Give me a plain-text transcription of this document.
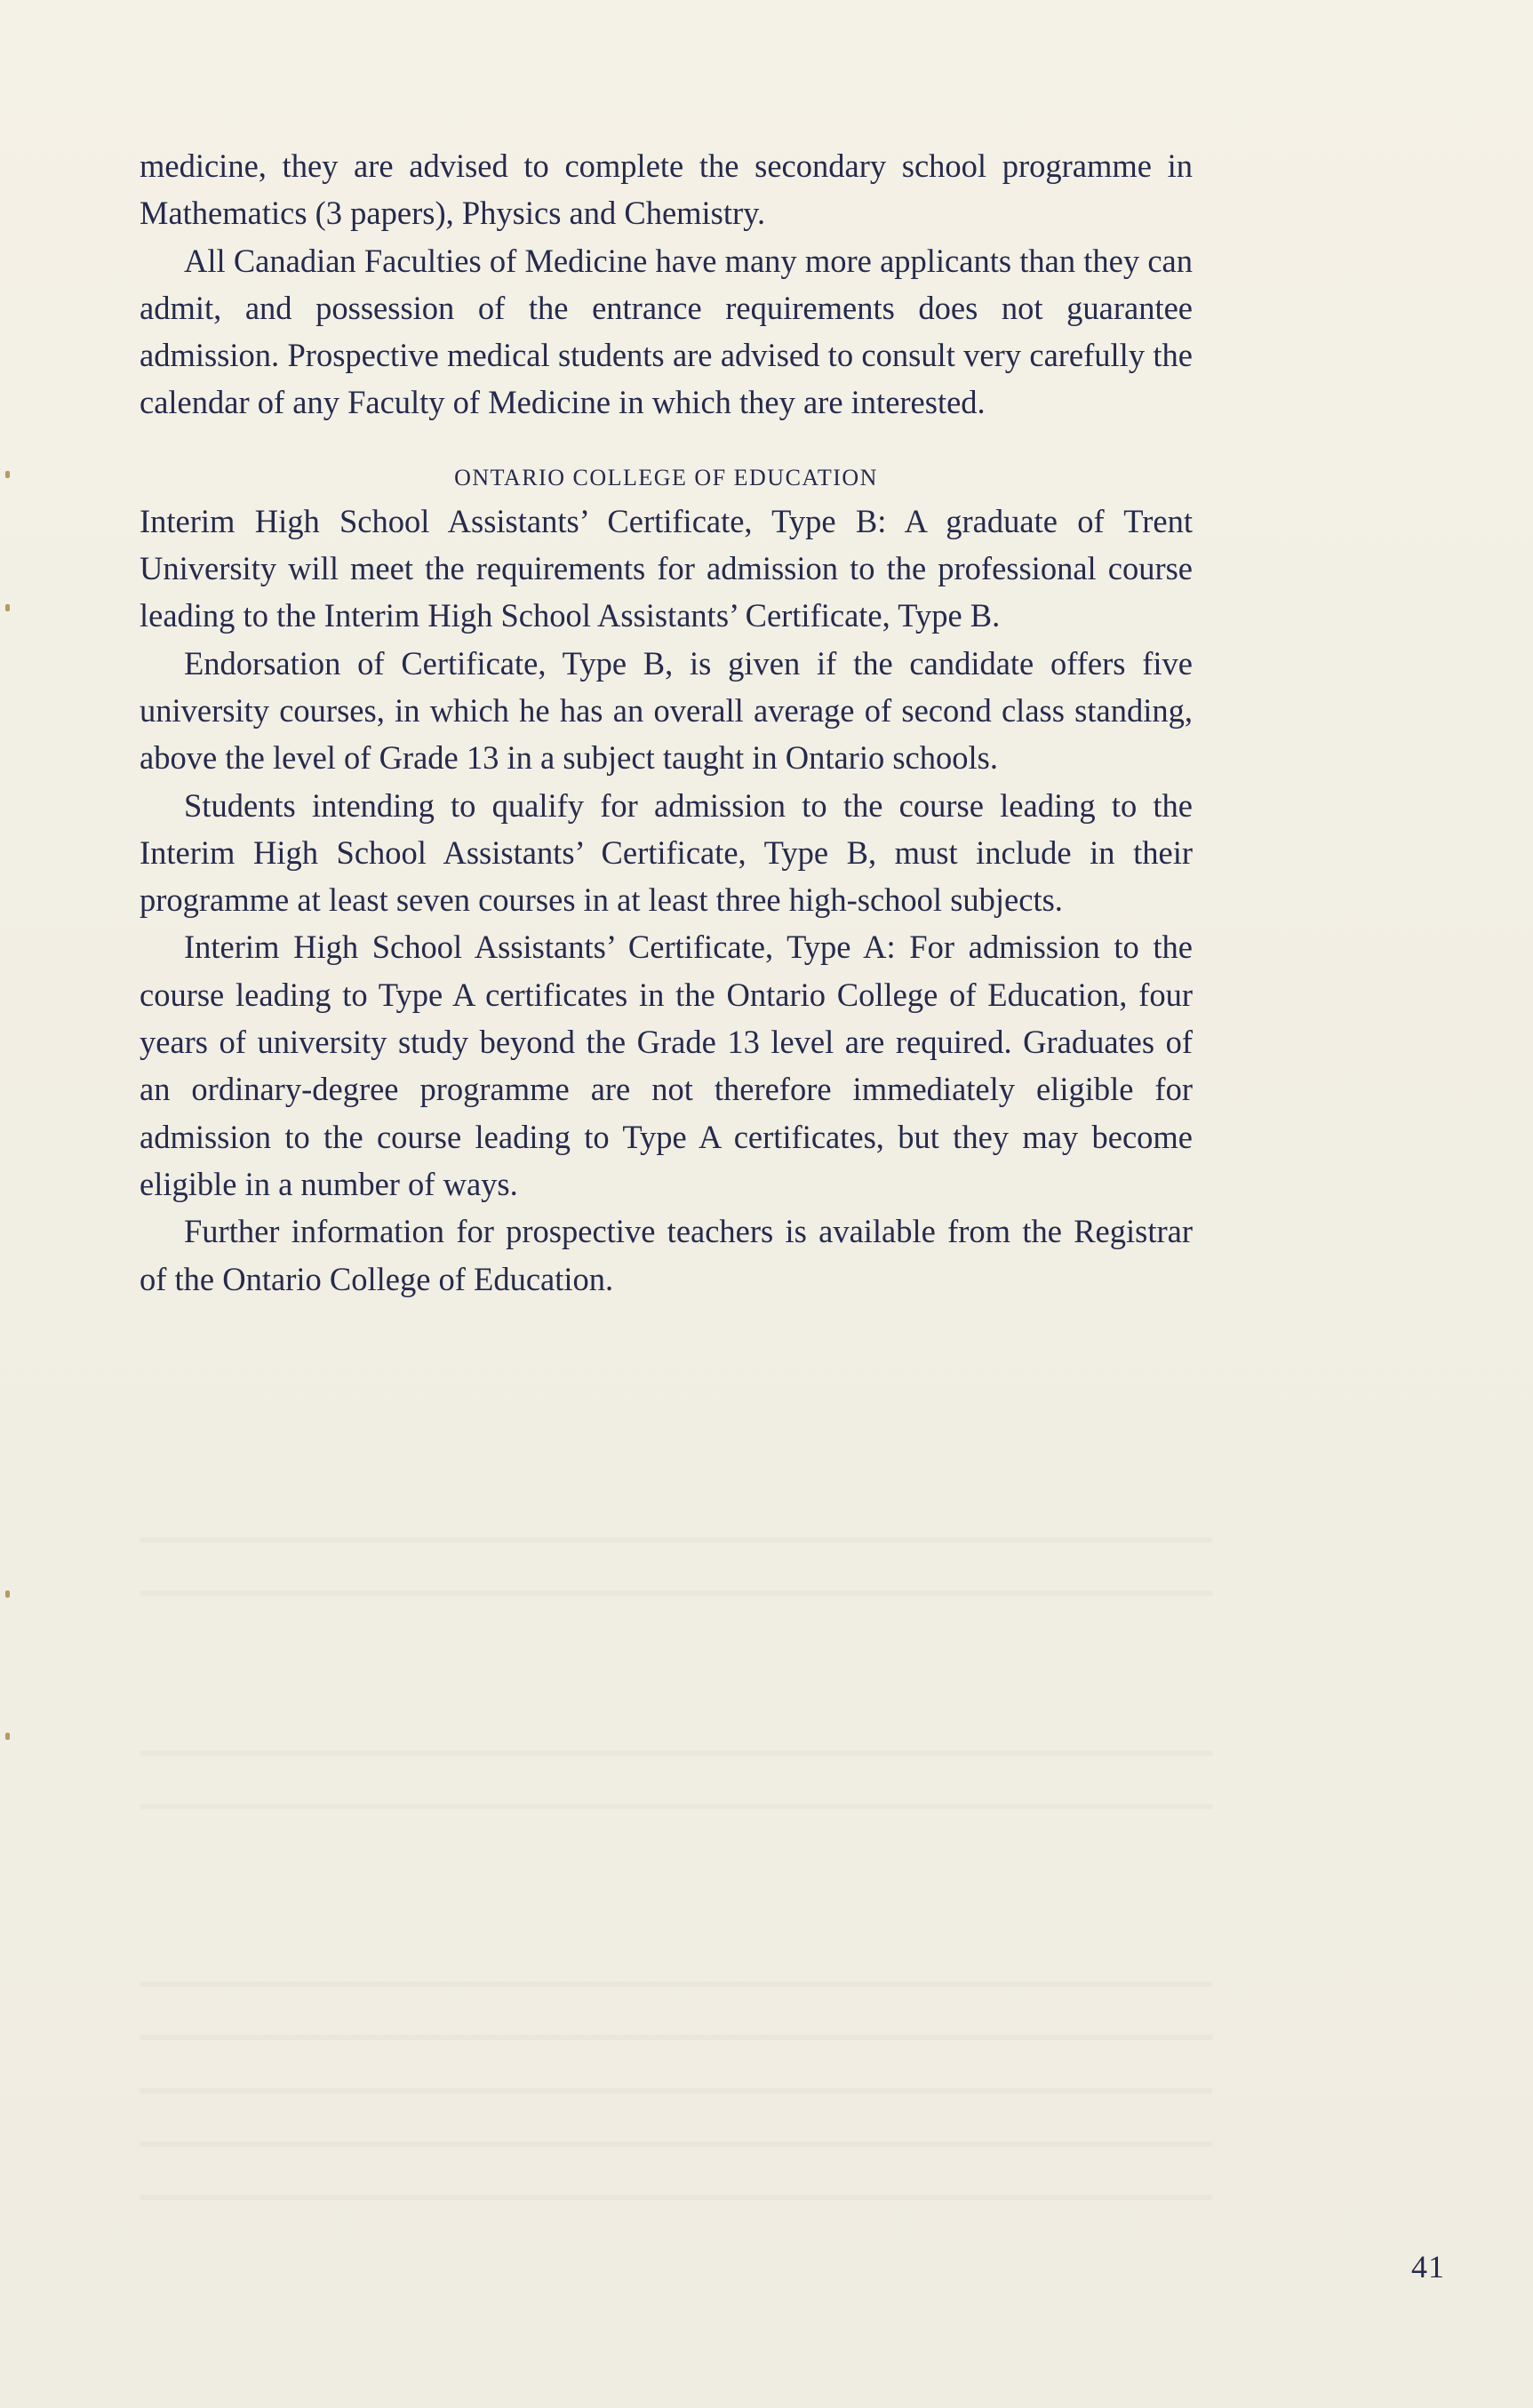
medicine, they are advised to complete the secondary school programme in Mathematics (3 papers), Physics and Chemistry.

All Canadian Faculties of Medicine have many more applicants than they can admit, and possession of the entrance requirements does not guarantee admission. Prospective medical students are advised to consult very carefully the calendar of any Faculty of Medicine in which they are interested.

ONTARIO COLLEGE OF EDUCATION

Interim High School Assistants’ Certificate, Type B: A graduate of Trent University will meet the requirements for admission to the professional course leading to the Interim High School Assistants’ Certificate, Type B.

Endorsation of Certificate, Type B, is given if the candidate offers five university courses, in which he has an overall average of second class standing, above the level of Grade 13 in a subject taught in Ontario schools.

Students intending to qualify for admission to the course leading to the Interim High School Assistants’ Certificate, Type B, must include in their programme at least seven courses in at least three high-school subjects.

Interim High School Assistants’ Certificate, Type A: For admission to the course leading to Type A certificates in the Ontario College of Education, four years of university study beyond the Grade 13 level are required. Graduates of an ordinary-degree programme are not therefore immediately eligible for admission to the course leading to Type A certificates, but they may become eligible in a number of ways.

Further information for prospective teachers is available from the Registrar of the Ontario College of Education.

41
